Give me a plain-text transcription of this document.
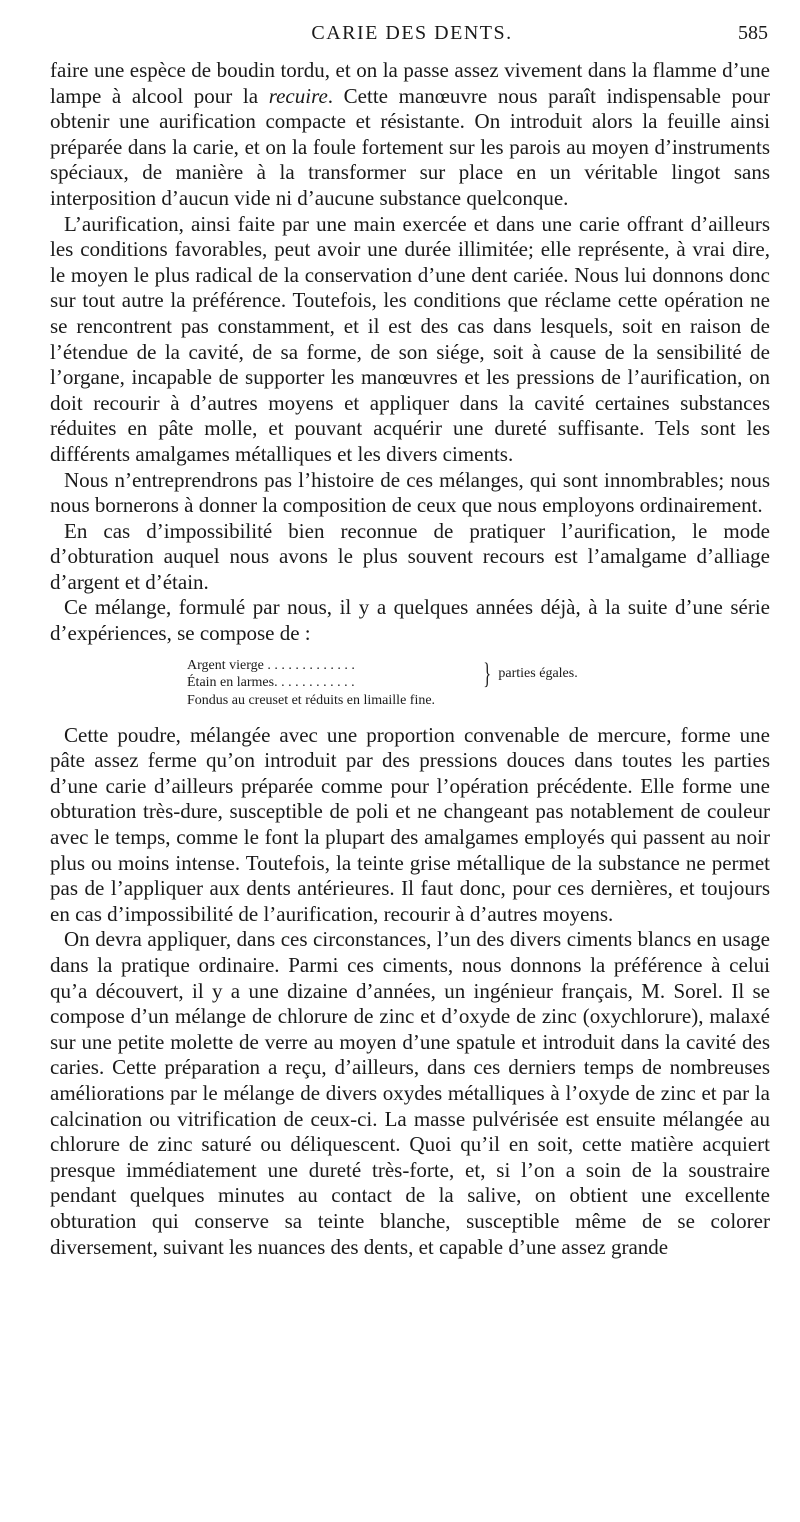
CARIE DES DENTS.	585

faire une espèce de boudin tordu, et on la passe assez vivement dans la flamme d’une lampe à alcool pour la recuire. Cette manœuvre nous paraît indispensable pour obtenir une aurification compacte et résistante. On introduit alors la feuille ainsi préparée dans la carie, et on la foule fortement sur les parois au moyen d’instruments spéciaux, de manière à la transformer sur place en un véritable lingot sans interposition d’aucun vide ni d’aucune substance quelconque.

L’aurification, ainsi faite par une main exercée et dans une carie offrant d’ailleurs les conditions favorables, peut avoir une durée illimitée; elle représente, à vrai dire, le moyen le plus radical de la conservation d’une dent cariée. Nous lui donnons donc sur tout autre la préférence. Toutefois, les conditions que réclame cette opération ne se rencontrent pas constamment, et il est des cas dans lesquels, soit en raison de l’étendue de la cavité, de sa forme, de son siége, soit à cause de la sensibilité de l’organe, incapable de supporter les manœuvres et les pressions de l’aurification, on doit recourir à d’autres moyens et appliquer dans la cavité certaines substances réduites en pâte molle, et pouvant acquérir une dureté suffisante. Tels sont les différents amalgames métalliques et les divers ciments.

Nous n’entreprendrons pas l’histoire de ces mélanges, qui sont innombrables; nous nous bornerons à donner la composition de ceux que nous employons ordinairement.

En cas d’impossibilité bien reconnue de pratiquer l’aurification, le mode d’obturation auquel nous avons le plus souvent recours est l’amalgame d’alliage d’argent et d’étain.

Ce mélange, formulé par nous, il y a quelques années déjà, à la suite d’une série d’expériences, se compose de :

Argent vierge . . . . . . . . . . . . .
Étain en larmes. . . . . . . . . . . .	} parties égales.
Fondus au creuset et réduits en limaille fine.

Cette poudre, mélangée avec une proportion convenable de mercure, forme une pâte assez ferme qu’on introduit par des pressions douces dans toutes les parties d’une carie d’ailleurs préparée comme pour l’opération précédente. Elle forme une obturation très-dure, susceptible de poli et ne changeant pas notablement de couleur avec le temps, comme le font la plupart des amalgames employés qui passent au noir plus ou moins intense. Toutefois, la teinte grise métallique de la substance ne permet pas de l’appliquer aux dents antérieures. Il faut donc, pour ces dernières, et toujours en cas d’impossibilité de l’aurification, recourir à d’autres moyens.

On devra appliquer, dans ces circonstances, l’un des divers ciments blancs en usage dans la pratique ordinaire. Parmi ces ciments, nous donnons la préférence à celui qu’a découvert, il y a une dizaine d’années, un ingénieur français, M. Sorel. Il se compose d’un mélange de chlorure de zinc et d’oxyde de zinc (oxychlorure), malaxé sur une petite molette de verre au moyen d’une spatule et introduit dans la cavité des caries. Cette préparation a reçu, d’ailleurs, dans ces derniers temps de nombreuses améliorations par le mélange de divers oxydes métalliques à l’oxyde de zinc et par la calcination ou vitrification de ceux-ci. La masse pulvérisée est ensuite mélangée au chlorure de zinc saturé ou déliquescent. Quoi qu’il en soit, cette matière acquiert presque immédiatement une dureté très-forte, et, si l’on a soin de la soustraire pendant quelques minutes au contact de la salive, on obtient une excellente obturation qui conserve sa teinte blanche, susceptible même de se colorer diversement, suivant les nuances des dents, et capable d’une assez grande
